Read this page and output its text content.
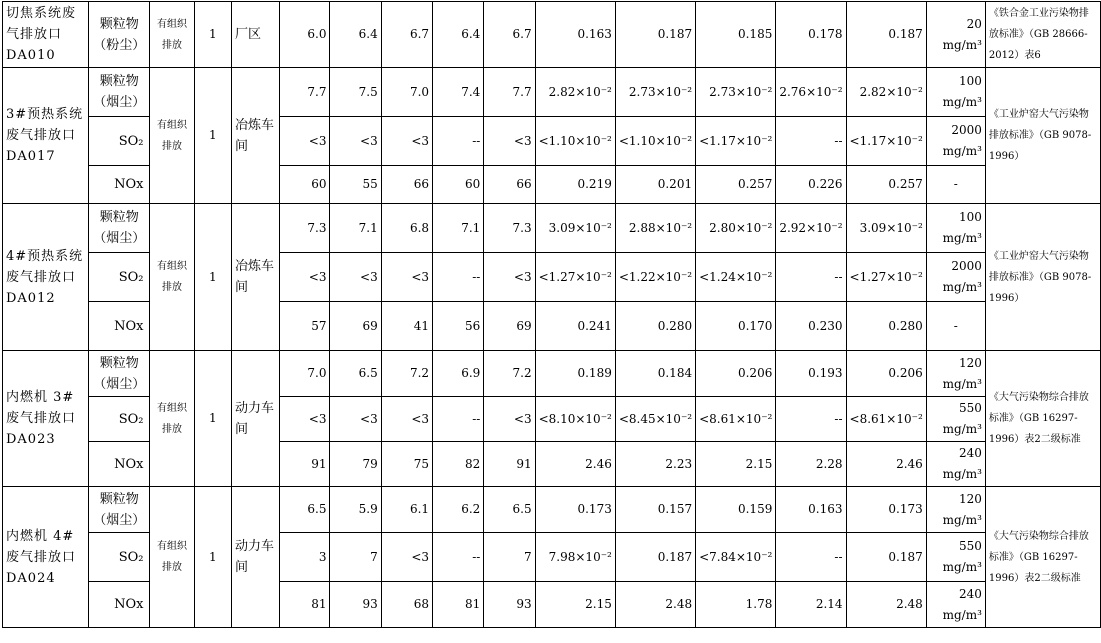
切焦系统废气排放口DA010	颗粒物（粉尘）	有组织排放	1	厂区	6.0	6.4	6.7	6.4	6.7	0.163	0.187	0.185	0.178	0.187	20 mg/m³	《铁合金工业污染物排放标准》（GB 28666-2012）表6
3#预热系统废气排放口DA017	颗粒物（烟尘）	有组织排放	1	冶炼车间	7.7	7.5	7.0	7.4	7.7	2.82×10⁻²	2.73×10⁻²	2.73×10⁻²	2.76×10⁻²	2.82×10⁻²	100 mg/m³	《工业炉窑大气污染物排放标准》（GB 9078-1996）
	SO₂				<3	<3	<3	--	<3	<1.10×10⁻²	<1.10×10⁻²	<1.17×10⁻²	--	<1.17×10⁻²	2000 mg/m³	
	NOx				60	55	66	60	66	0.219	0.201	0.257	0.226	0.257	-	
4#预热系统废气排放口DA012	颗粒物（烟尘）	有组织排放	1	冶炼车间	7.3	7.1	6.8	7.1	7.3	3.09×10⁻²	2.88×10⁻²	2.80×10⁻²	2.92×10⁻²	3.09×10⁻²	100 mg/m³	《工业炉窑大气污染物排放标准》（GB 9078-1996）
	SO₂				<3	<3	<3	--	<3	<1.27×10⁻²	<1.22×10⁻²	<1.24×10⁻²	--	<1.27×10⁻²	2000 mg/m³	
	NOx				57	69	41	56	69	0.241	0.280	0.170	0.230	0.280	-	
内燃机 3#废气排放口DA023	颗粒物（烟尘）	有组织排放	1	动力车间	7.0	6.5	7.2	6.9	7.2	0.189	0.184	0.206	0.193	0.206	120 mg/m³	《大气污染物综合排放标准》（GB 16297-1996）表2二级标准
	SO₂				<3	<3	<3	--	<3	<8.10×10⁻²	<8.45×10⁻²	<8.61×10⁻²	--	<8.61×10⁻²	550 mg/m³	
	NOx				91	79	75	82	91	2.46	2.23	2.15	2.28	2.46	240 mg/m³	
内燃机 4#废气排放口DA024	颗粒物（烟尘）	有组织排放	1	动力车间	6.5	5.9	6.1	6.2	6.5	0.173	0.157	0.159	0.163	0.173	120 mg/m³	《大气污染物综合排放标准》（GB 16297-1996）表2二级标准
	SO₂				3	7	<3	--	7	7.98×10⁻²	0.187	<7.84×10⁻²	--	0.187	550 mg/m³	
	NOx				81	93	68	81	93	2.15	2.48	1.78	2.14	2.48	240 mg/m³	
